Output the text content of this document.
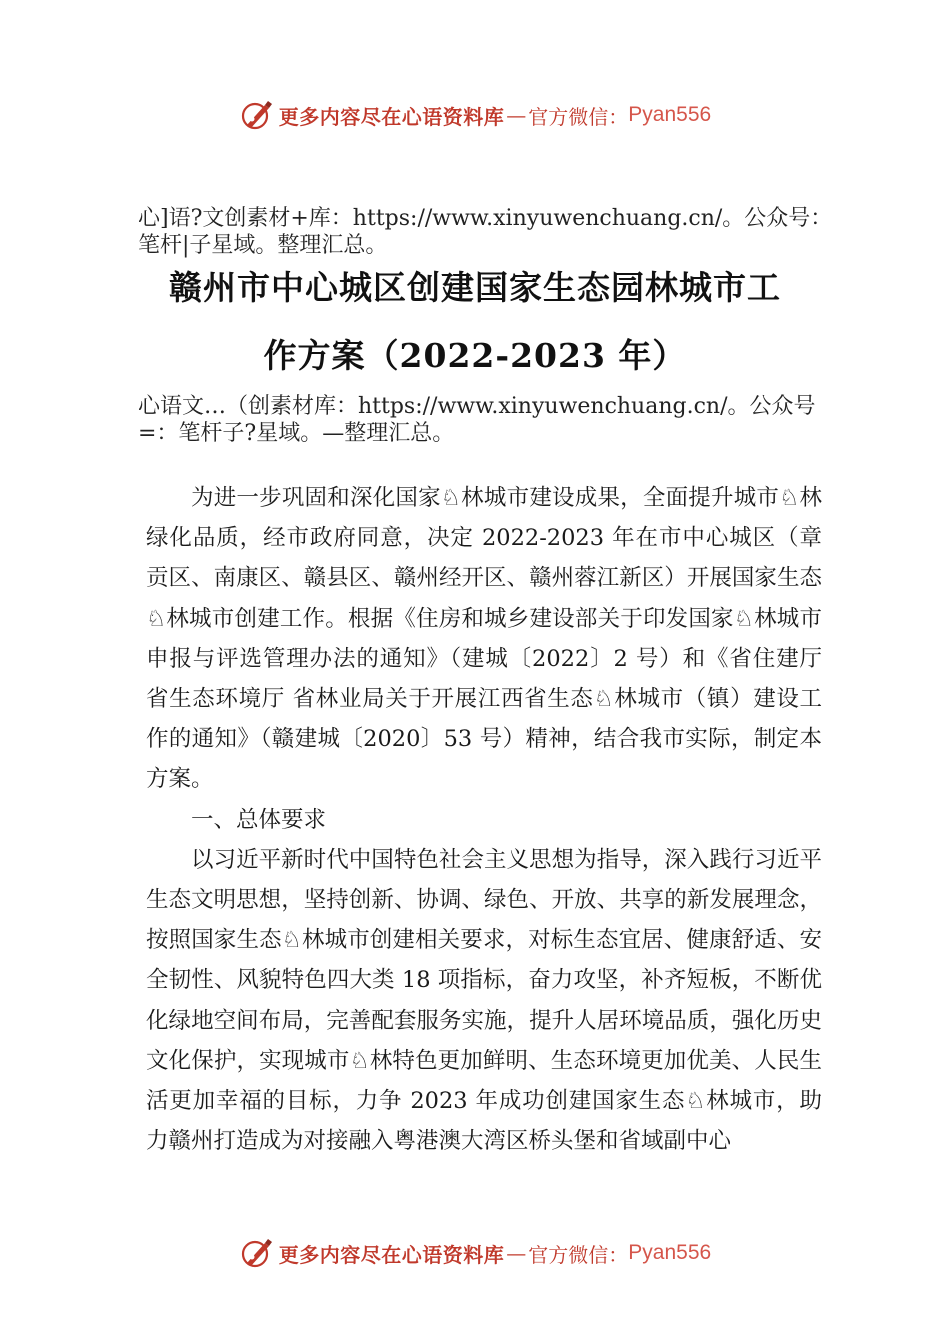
更多内容尽在心语资料库 — 官方微信： Pyan556
心]语?文创素材+库：https://www.xinyuwenchuang.cn/。公众号：笔杆|子星域。整理汇总。
赣州市中心城区创建国家生态园林城市工
作方案（2022-2023 年）
心语文…（创素材库：https://www.xinyuwenchuang.cn/。公众号=：笔杆子?星域。—整理汇总。

为进一步巩固和深化国家♘林城市建设成果，全面提升城市♘林绿化品质，经市政府同意，决定 2022-2023 年在市中心城区（章贡区、南康区、赣县区、赣州经开区、赣州蓉江新区）开展国家生态♘林城市创建工作。根据《住房和城乡建设部关于印发国家♘林城市申报与评选管理办法的通知》（建城〔2022〕2 号）和《省住建厅 省生态环境厅 省林业局关于开展江西省生态♘林城市（镇）建设工作的通知》（赣建城〔2020〕53 号）精神，结合我市实际，制定本方案。

一、总体要求

以习近平新时代中国特色社会主义思想为指导，深入践行习近平生态文明思想，坚持创新、协调、绿色、开放、共享的新发展理念，按照国家生态♘林城市创建相关要求，对标生态宜居、健康舒适、安全韧性、风貌特色四大类 18 项指标，奋力攻坚，补齐短板，不断优化绿地空间布局，完善配套服务实施，提升人居环境品质，强化历史文化保护，实现城市♘林特色更加鲜明、生态环境更加优美、人民生活更加幸福的目标，力争 2023 年成功创建国家生态♘林城市，助力赣州打造成为对接融入粤港澳大湾区桥头堡和省域副中心

更多内容尽在心语资料库 — 官方微信： Pyan556
